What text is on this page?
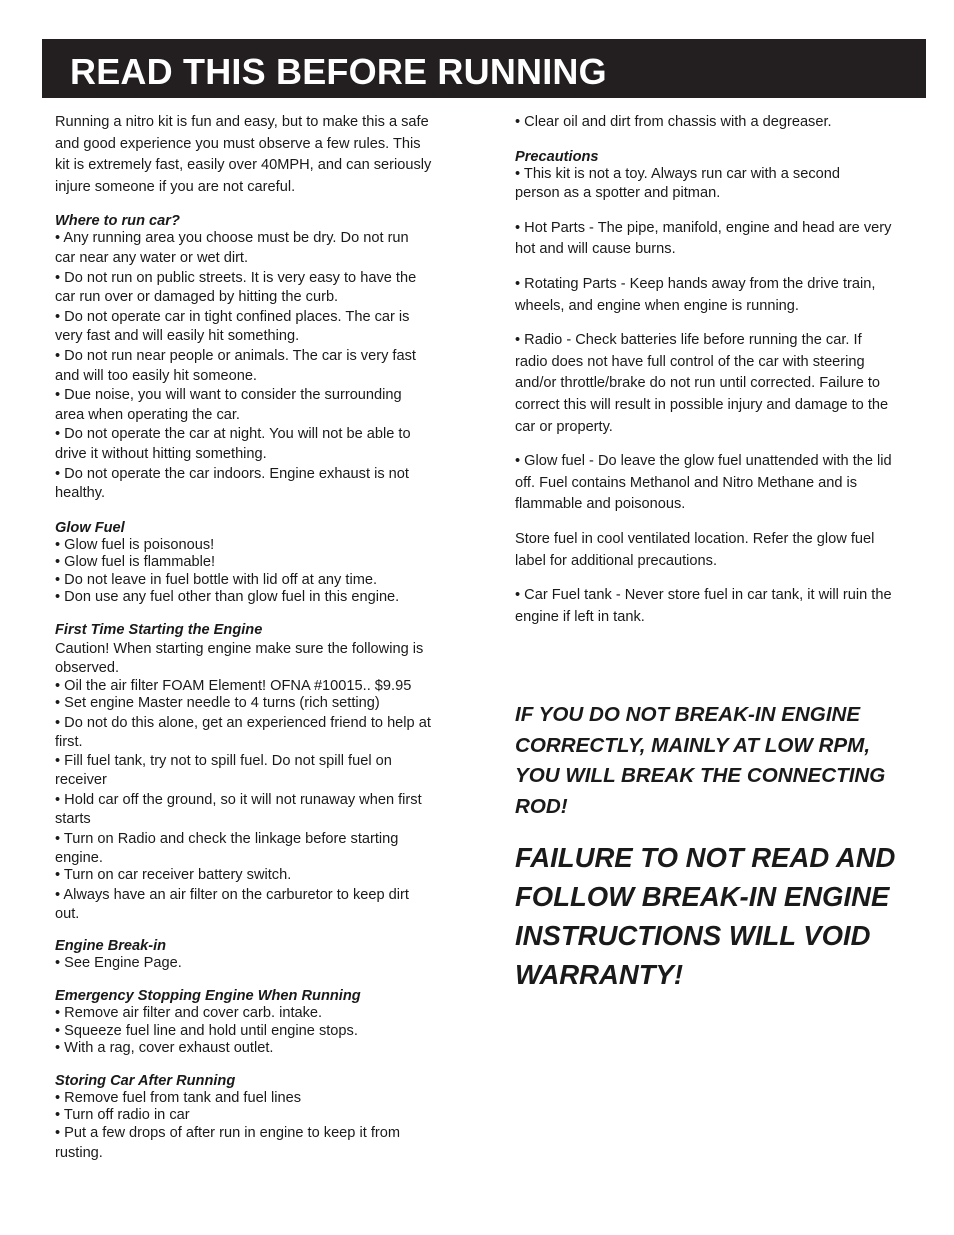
READ THIS BEFORE RUNNING
Running a nitro kit is fun and easy, but to make this a safe
and good experience you must observe a few rules. This
kit is extremely fast, easily over 40MPH, and can seriously
injure someone if you are not careful.
Where to run car?
• Any running area you choose must be dry. Do not run
car near any water or wet dirt.
• Do not run on public streets. It is very easy to have the
car run over or damaged by hitting the curb.
• Do not operate car in tight confined places. The car is
very fast and will easily hit something.
• Do not run near people or animals. The car is very fast
and will too easily hit someone.
• Due noise, you will want to consider the surrounding
area when operating the car.
• Do not operate the car at night. You will not be able to
drive it without hitting something.
• Do not operate the car indoors. Engine exhaust is not
healthy.
Glow Fuel
• Glow fuel is poisonous!
• Glow fuel is flammable!
• Do not leave in fuel bottle with lid off at any time.
• Don use any fuel other than glow fuel in this engine.
First Time Starting the Engine
Caution! When starting engine make sure the following is
observed.
• Oil the air filter FOAM Element! OFNA #10015.. $9.95
• Set engine Master needle to 4 turns (rich setting)
• Do not do this alone, get an experienced friend to help at
first.
• Fill fuel tank, try not to spill fuel. Do not spill fuel on
receiver
• Hold car off the ground, so it will not runaway when first
starts
• Turn on Radio and check the linkage before starting
engine.
• Turn on car receiver battery switch.
• Always have an air filter on the carburetor to keep dirt
out.
Engine Break-in
• See Engine Page.
Emergency Stopping Engine When Running
• Remove air filter and cover carb. intake.
• Squeeze fuel line and hold until engine stops.
• With a rag, cover exhaust outlet.
Storing Car After Running
• Remove fuel from tank and fuel lines
• Turn off radio in car
• Put a few drops of after run in engine to keep it from
rusting.
• Clear oil and dirt from chassis with a degreaser.
Precautions
• This kit is not a toy. Always run car with a second
person as a spotter and pitman.
• Hot Parts - The pipe, manifold, engine and head are very
hot and will cause burns.
• Rotating Parts - Keep hands away from the drive train,
wheels, and engine when engine is running.
• Radio - Check batteries life before running the car. If
radio does not have full control of the car with steering
and/or throttle/brake do not run until corrected. Failure to
correct this will result in possible injury and damage to the
car or property.
• Glow fuel - Do leave the glow fuel unattended with the lid
off. Fuel contains Methanol and Nitro Methane and is
flammable and poisonous.
Store fuel in cool ventilated location. Refer the glow fuel
label for additional precautions.
• Car Fuel tank - Never store fuel in car tank, it will ruin the
engine if left in tank.
IF YOU DO NOT BREAK-IN ENGINE
CORRECTLY, MAINLY AT LOW RPM,
YOU WILL BREAK THE CONNECTING
ROD!
FAILURE TO NOT READ AND
FOLLOW BREAK-IN ENGINE
INSTRUCTIONS WILL VOID
WARRANTY!
